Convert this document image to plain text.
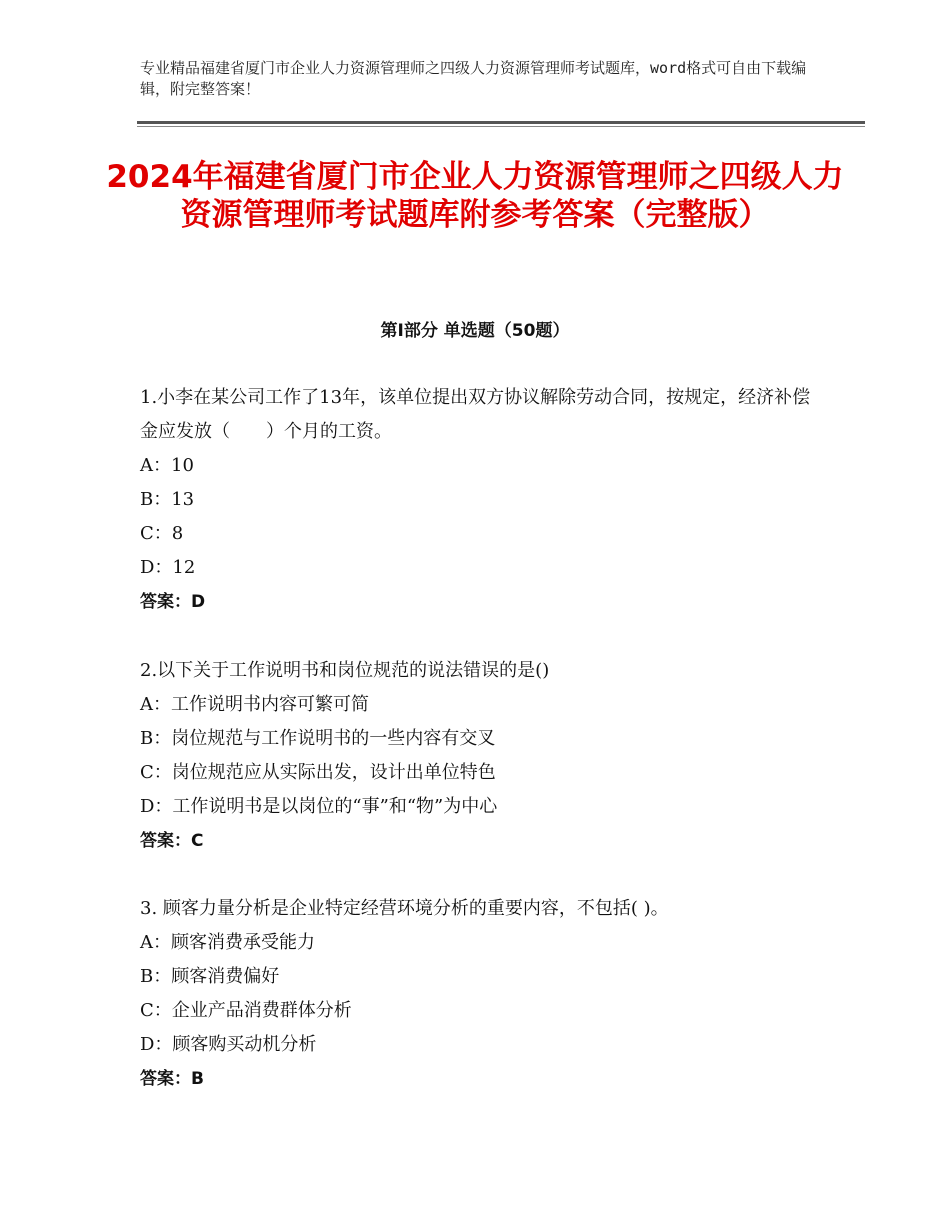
专业精品福建省厦门市企业人力资源管理师之四级人力资源管理师考试题库，word格式可自由下载编辑，附完整答案！
2024年福建省厦门市企业人力资源管理师之四级人力资源管理师考试题库附参考答案（完整版）
第Ⅰ部分 单选题（50题）

1.小李在某公司工作了13年，该单位提出双方协议解除劳动合同，按规定，经济补偿金应发放（　　）个月的工资。

A：10
B：13
C：8
D：12
答案：D

2.以下关于工作说明书和岗位规范的说法错误的是()

A：工作说明书内容可繁可简
B：岗位规范与工作说明书的一些内容有交叉
C：岗位规范应从实际出发，设计出单位特色
D：工作说明书是以岗位的“事”和“物”为中心
答案：C

3. 顾客力量分析是企业特定经营环境分析的重要内容，不包括( )。

A：顾客消费承受能力
B：顾客消费偏好
C：企业产品消费群体分析
D：顾客购买动机分析
答案：B
